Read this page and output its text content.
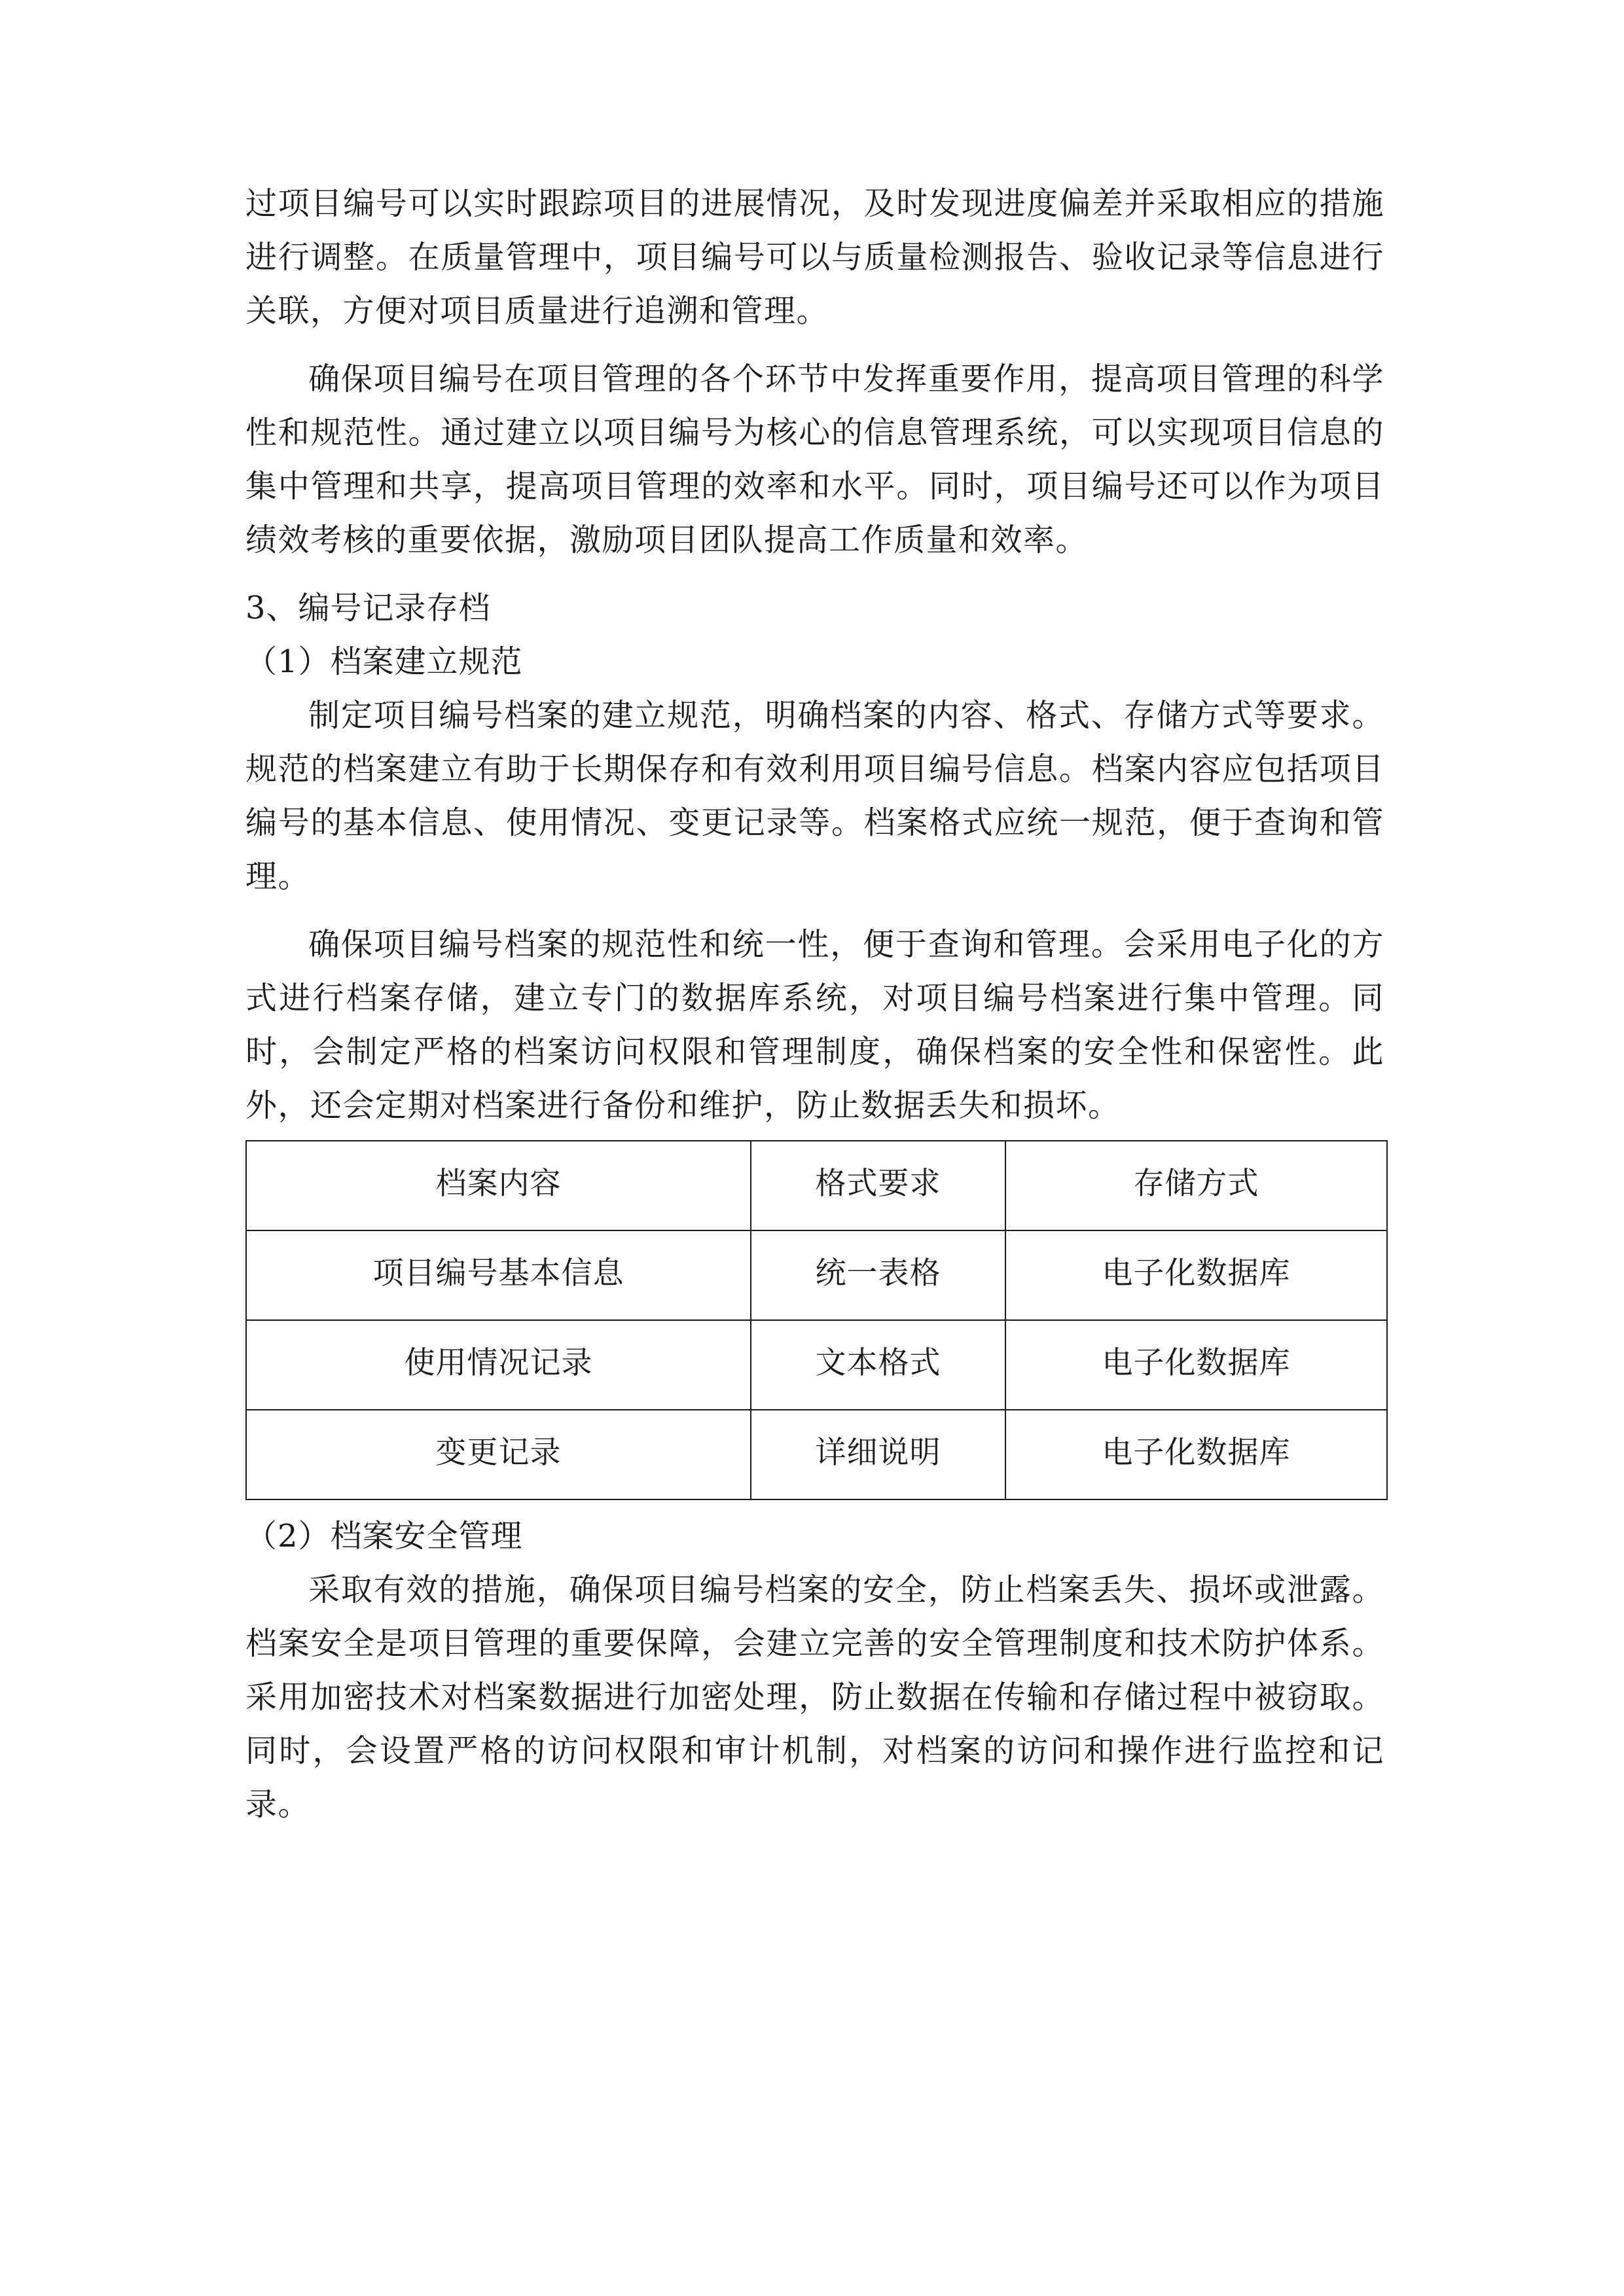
过项目编号可以实时跟踪项目的进展情况，及时发现进度偏差并采取相应的措施进行调整。在质量管理中，项目编号可以与质量检测报告、验收记录等信息进行关联，方便对项目质量进行追溯和管理。

确保项目编号在项目管理的各个环节中发挥重要作用，提高项目管理的科学性和规范性。通过建立以项目编号为核心的信息管理系统，可以实现项目信息的集中管理和共享，提高项目管理的效率和水平。同时，项目编号还可以作为项目绩效考核的重要依据，激励项目团队提高工作质量和效率。

3、编号记录存档

（1）档案建立规范

制定项目编号档案的建立规范，明确档案的内容、格式、存储方式等要求。规范的档案建立有助于长期保存和有效利用项目编号信息。档案内容应包括项目编号的基本信息、使用情况、变更记录等。档案格式应统一规范，便于查询和管理。

确保项目编号档案的规范性和统一性，便于查询和管理。会采用电子化的方式进行档案存储，建立专门的数据库系统，对项目编号档案进行集中管理。同时，会制定严格的档案访问权限和管理制度，确保档案的安全性和保密性。此外，还会定期对档案进行备份和维护，防止数据丢失和损坏。

档案内容	格式要求	存储方式
项目编号基本信息	统一表格	电子化数据库
使用情况记录	文本格式	电子化数据库
变更记录	详细说明	电子化数据库

（2）档案安全管理

采取有效的措施，确保项目编号档案的安全，防止档案丢失、损坏或泄露。档案安全是项目管理的重要保障，会建立完善的安全管理制度和技术防护体系。采用加密技术对档案数据进行加密处理，防止数据在传输和存储过程中被窃取。同时，会设置严格的访问权限和审计机制，对档案的访问和操作进行监控和记录。
